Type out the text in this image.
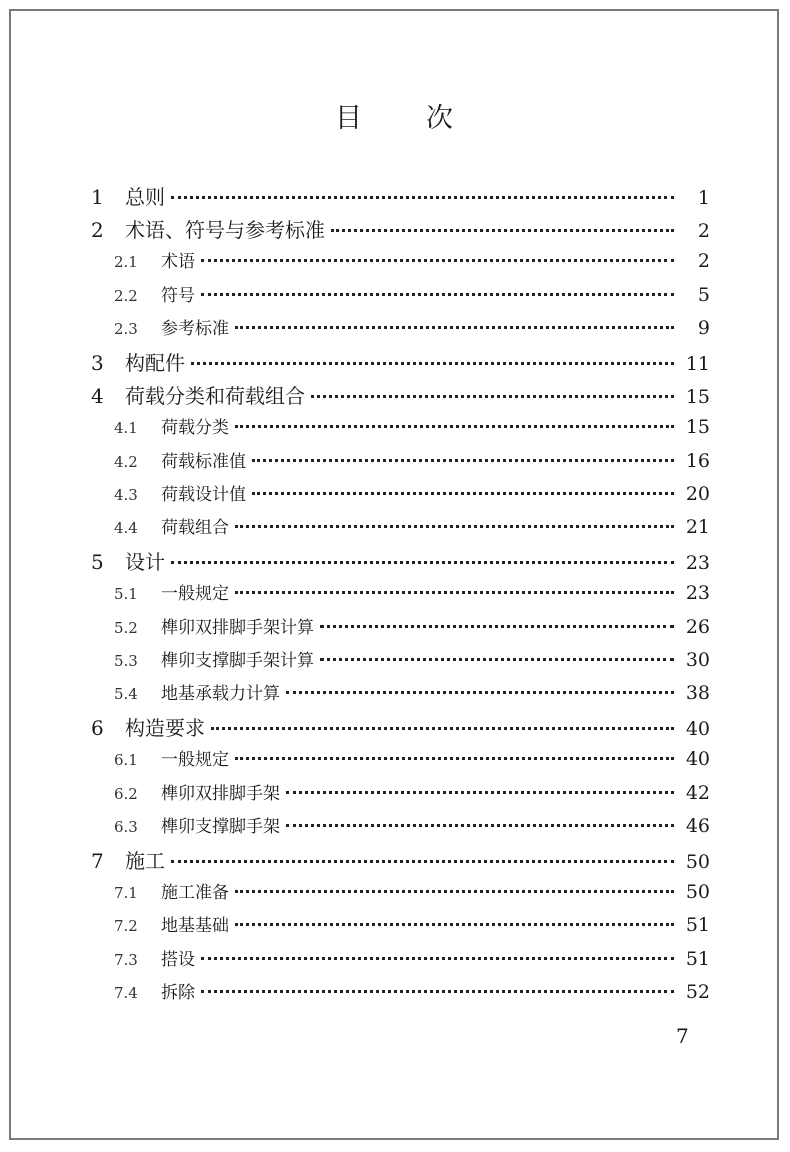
目 次
1	总则	1
2	术语、符号与参考标准	2
2.1	术语	2
2.2	符号	5
2.3	参考标准	9
3	构配件	11
4	荷载分类和荷载组合	15
4.1	荷载分类	15
4.2	荷载标准值	16
4.3	荷载设计值	20
4.4	荷载组合	21
5	设计	23
5.1	一般规定	23
5.2	榫卯双排脚手架计算	26
5.3	榫卯支撑脚手架计算	30
5.4	地基承载力计算	38
6	构造要求	40
6.1	一般规定	40
6.2	榫卯双排脚手架	42
6.3	榫卯支撑脚手架	46
7	施工	50
7.1	施工准备	50
7.2	地基基础	51
7.3	搭设	51
7.4	拆除	52
7
